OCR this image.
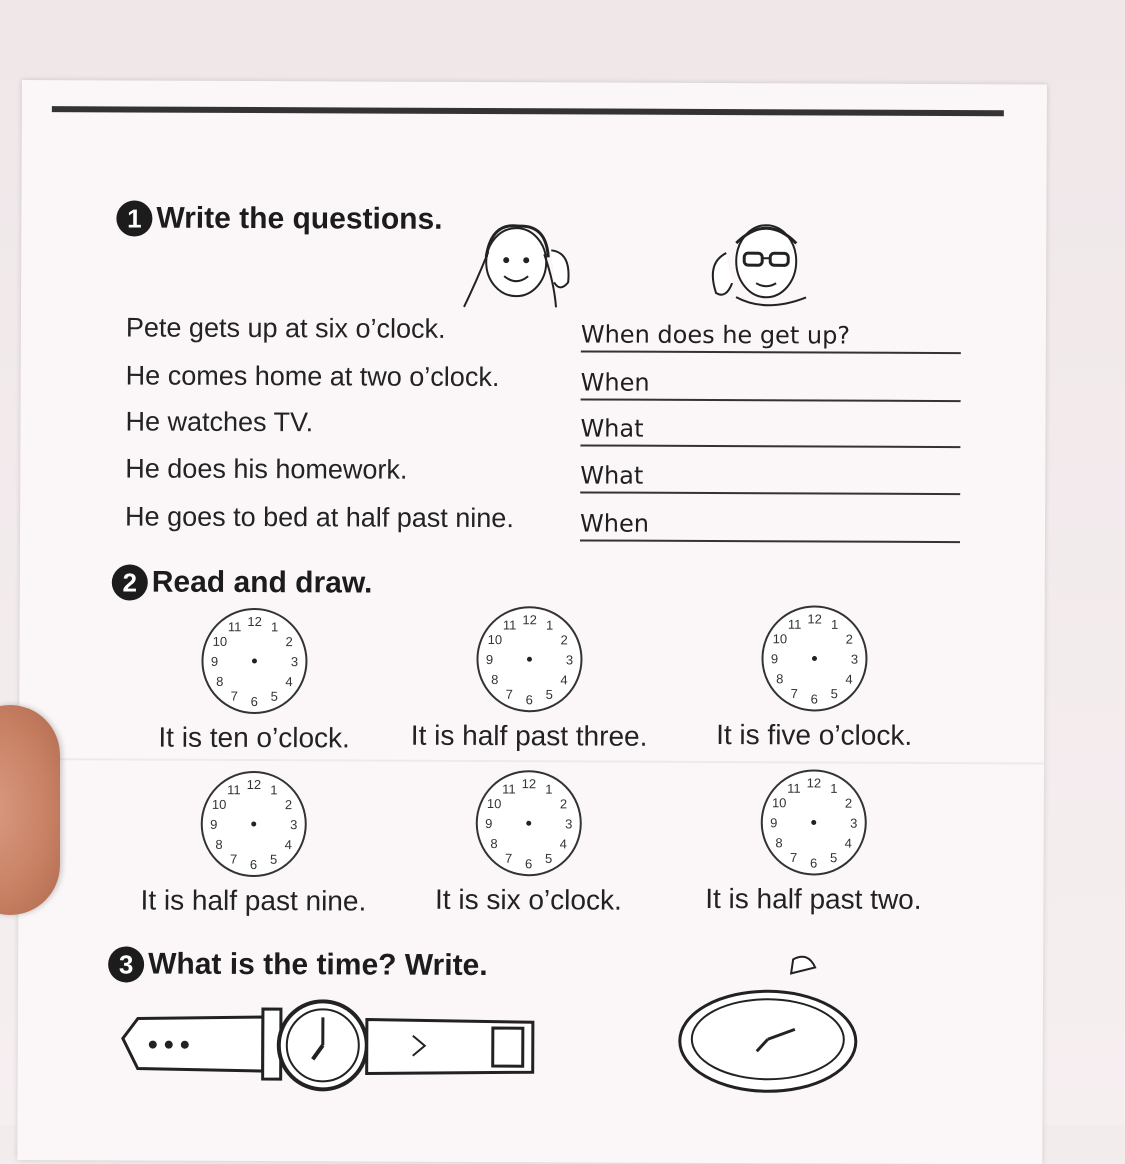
1 Write the questions.
Pete gets up at six o’clock.	When does he get up?
He comes home at two o’clock.	When
He watches TV.	What
He does his homework.	What
He goes to bed at half past nine.	When
2 Read and draw.
12 1
2
3
4
5
6
7
8
9
10
11
It is ten o’clock.
12 1
2
3
4
5
6
7
8
9
10
11
It is half past three.
12 1
2
3
4
5
6
7
8
9
10
11
It is five o’clock.
12 1
2
3
4
5
6
7
8
9
10
11
It is half past nine.
12 1
2
3
4
5
6
7
8
9
10
11
It is six o’clock.
12 1
2
3
4
5
6
7
8
9
10
11
It is half past two.
3 What is the time? Write.
